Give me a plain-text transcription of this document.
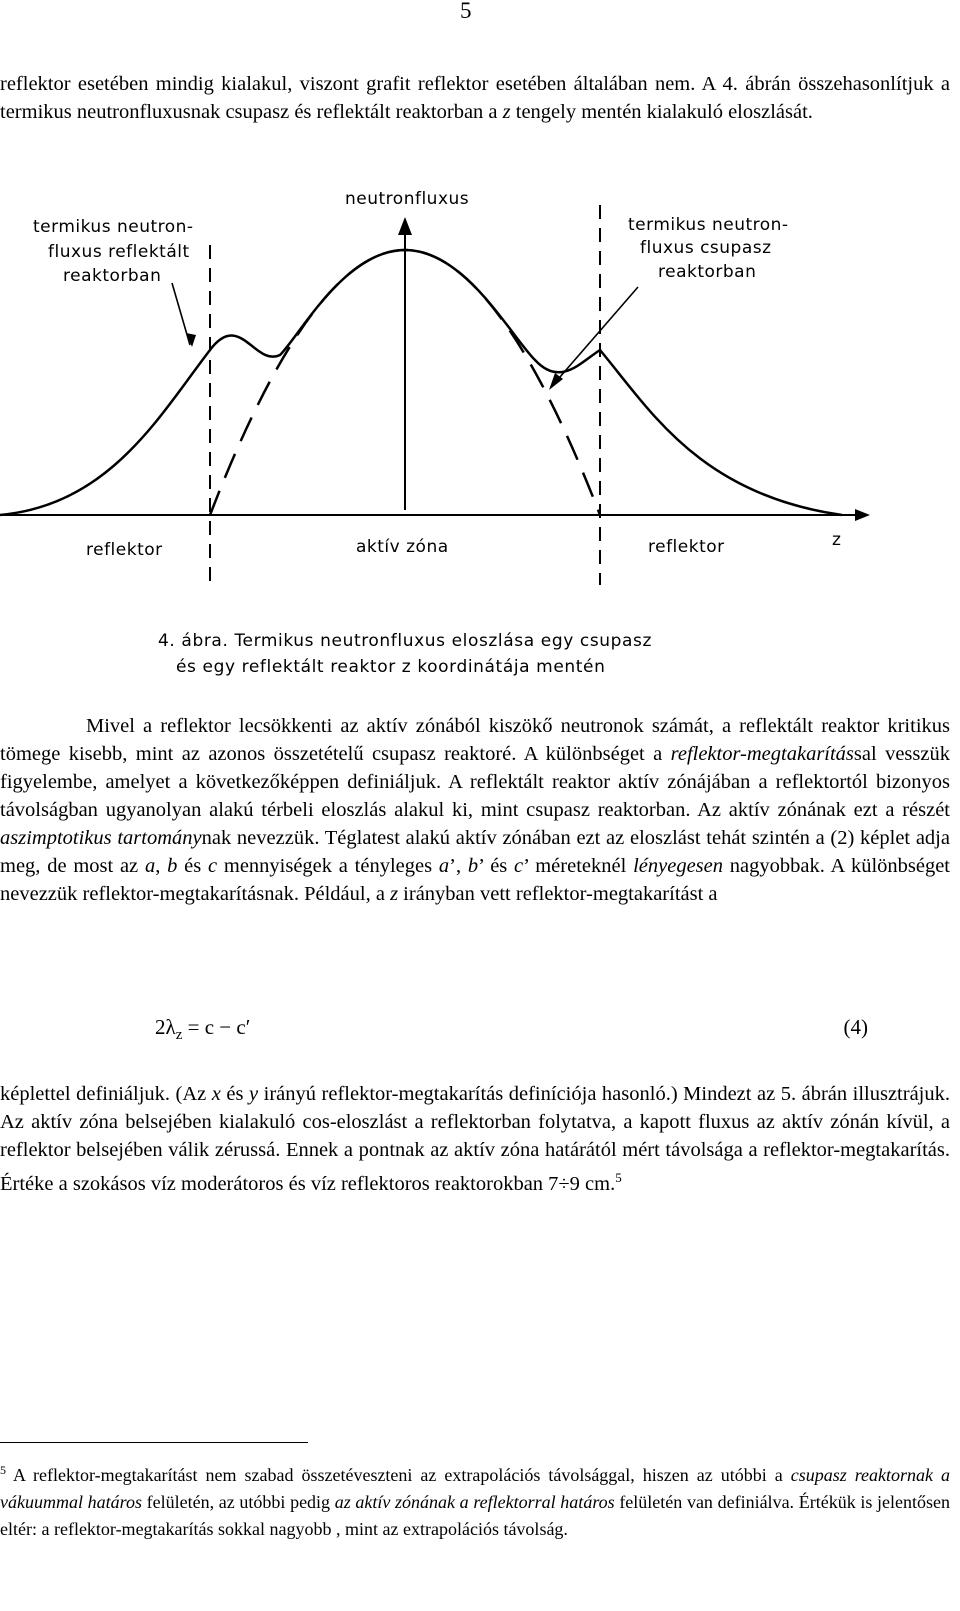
5

reflektor esetében mindig kialakul, viszont grafit reflektor esetében általában nem. A 4. ábrán összehasonlítjuk a termikus neutronfluxusnak csupasz és reflektált reaktorban a z tengely mentén kialakuló eloszlását.

neutronfluxus
termikus neutron-
fluxus reflektált
reaktorban
termikus neutron-
fluxus csupasz
reaktorban
reflektor	aktív zóna	reflektor	z

4. ábra. Termikus neutronfluxus eloszlása egy csupasz
és egy reflektált reaktor z koordinátája mentén

Mivel a reflektor lecsökkenti az aktív zónából kiszökő neutronok számát, a reflektált reaktor kritikus tömege kisebb, mint az azonos összetételű csupasz reaktoré. A különbséget a reflektor-megtakarítással vesszük figyelembe, amelyet a következőképpen definiáljuk. A reflektált reaktor aktív zónájában a reflektortól bizonyos távolságban ugyanolyan alakú térbeli eloszlás alakul ki, mint csupasz reaktorban. Az aktív zónának ezt a részét aszimptotikus tartománynak nevezzük. Téglatest alakú aktív zónában ezt az eloszlást tehát szintén a (2) képlet adja meg, de most az a, b és c mennyiségek a tényleges a’, b’ és c’ méreteknél lényegesen nagyobbak. A különbséget nevezzük reflektor-megtakarításnak. Például, a z irányban vett reflektor-megtakarítást a

$2\lambda_z = c - c'$	(4)

képlettel definiáljuk. (Az x és y irányú reflektor-megtakarítás definíciója hasonló.) Mindezt az 5. ábrán illusztrájuk. Az aktív zóna belsejében kialakuló cos-eloszlást a reflektorban folytatva, a kapott fluxus az aktív zónán kívül, a reflektor belsejében válik zérussá. Ennek a pontnak az aktív zóna határától mért távolsága a reflektor-megtakarítás. Értéke a szokásos víz moderátoros és víz reflektoros reaktorokban 7÷9 cm.$^5$

$^5$ A reflektor-megtakarítást nem szabad összetéveszteni az extrapolációs távolsággal, hiszen az utóbbi a csupasz reaktornak a vákuummal határos felületén, az utóbbi pedig az aktív zónának a reflektorral határos felületén van definiálva. Értékük is jelentősen eltér: a reflektor-megtakarítás sokkal nagyobb , mint az extrapolációs távolság.
